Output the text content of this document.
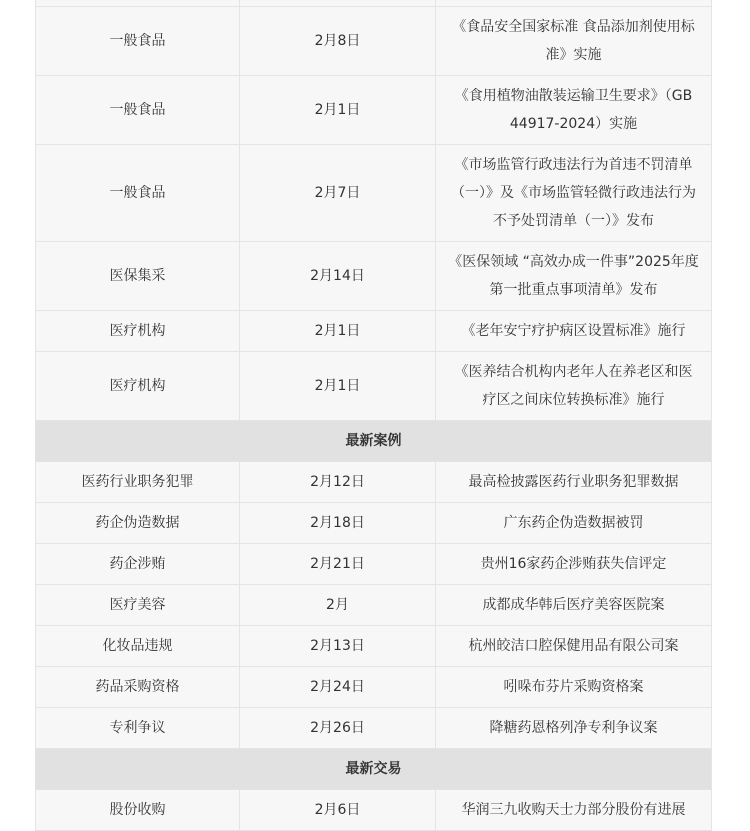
一般食品	2月8日	《食品安全国家标准 食品添加剂使用标准》实施
一般食品	2月1日	《食用植物油散装运输卫生要求》（GB 44917-2024）实施
一般食品	2月7日	《市场监管行政违法行为首违不罚清单（一）》及《市场监管轻微行政违法行为不予处罚清单（一）》发布
医保集采	2月14日	《医保领域 “高效办成一件事”2025年度第一批重点事项清单》发布
医疗机构	2月1日	《老年安宁疗护病区设置标准》施行
医疗机构	2月1日	《医养结合机构内老年人在养老区和医疗区之间床位转换标准》施行
最新案例		
医药行业职务犯罪	2月12日	最高检披露医药行业职务犯罪数据
药企伪造数据	2月18日	广东药企伪造数据被罚
药企涉贿	2月21日	贵州16家药企涉贿获失信评定
医疗美容	2月	成都成华韩后医疗美容医院案
化妆品违规	2月13日	杭州皎洁口腔保健用品有限公司案
药品采购资格	2月24日	吲哚布芬片采购资格案
专利争议	2月26日	降糖药恩格列净专利争议案
最新交易		
股份收购	2月6日	华润三九收购天士力部分股份有进展
